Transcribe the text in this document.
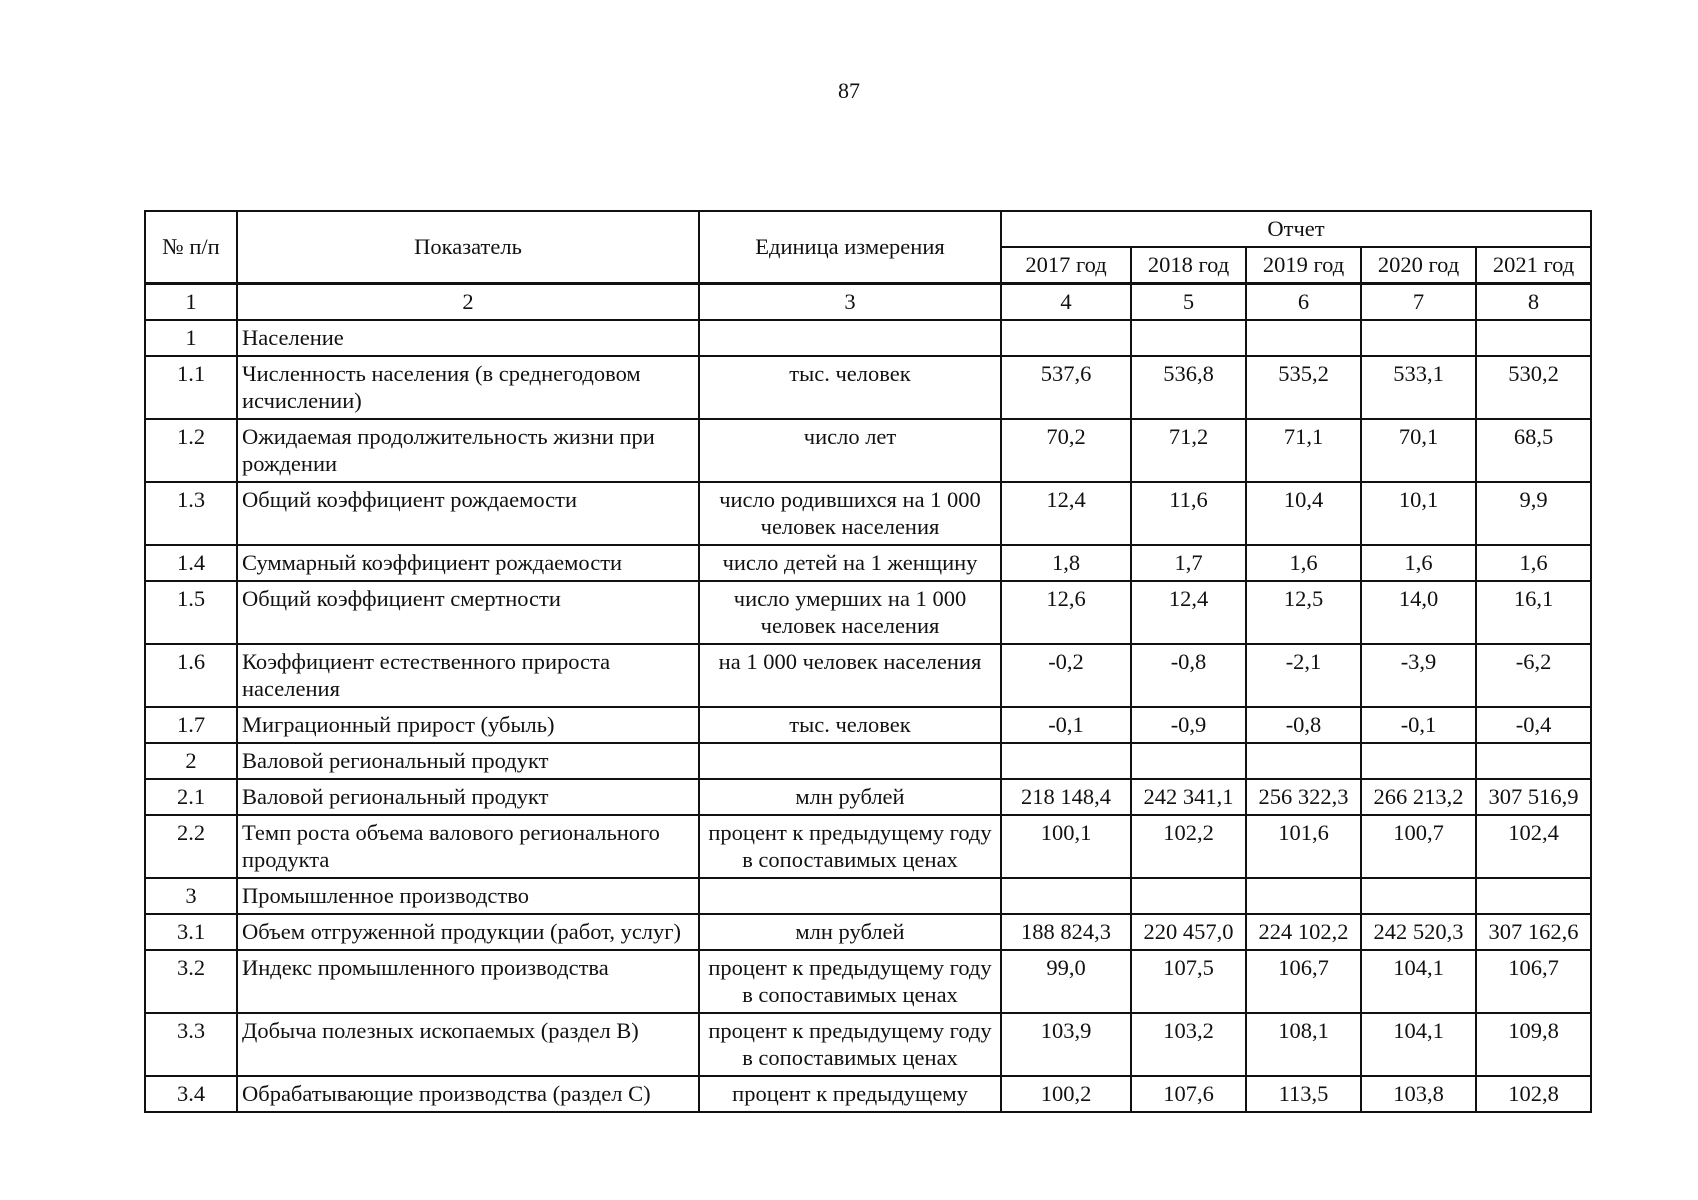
87
№ п/п	Показатель	Единица измерения	Отчет				
			2017 год	2018 год	2019 год	2020 год	2021 год
1	2	3	4	5	6	7	8
1	Население						
1.1	Численность населения (в среднегодовом исчислении)	тыс. человек	537,6	536,8	535,2	533,1	530,2
1.2	Ожидаемая продолжительность жизни при рождении	число лет	70,2	71,2	71,1	70,1	68,5
1.3	Общий коэффициент рождаемости	число родившихся на 1 000 человек населения	12,4	11,6	10,4	10,1	9,9
1.4	Суммарный коэффициент рождаемости	число детей на 1 женщину	1,8	1,7	1,6	1,6	1,6
1.5	Общий коэффициент смертности	число умерших на 1 000 человек населения	12,6	12,4	12,5	14,0	16,1
1.6	Коэффициент естественного прироста населения	на 1 000 человек населения	-0,2	-0,8	-2,1	-3,9	-6,2
1.7	Миграционный прирост (убыль)	тыс. человек	-0,1	-0,9	-0,8	-0,1	-0,4
2	Валовой региональный продукт						
2.1	Валовой региональный продукт	млн рублей	218 148,4	242 341,1	256 322,3	266 213,2	307 516,9
2.2	Темп роста объема валового регионального продукта	процент к предыдущему году в сопоставимых ценах	100,1	102,2	101,6	100,7	102,4
3	Промышленное производство						
3.1	Объем отгруженной продукции (работ, услуг)	млн рублей	188 824,3	220 457,0	224 102,2	242 520,3	307 162,6
3.2	Индекс промышленного производства	процент к предыдущему году в сопоставимых ценах	99,0	107,5	106,7	104,1	106,7
3.3	Добыча полезных ископаемых (раздел B)	процент к предыдущему году в сопоставимых ценах	103,9	103,2	108,1	104,1	109,8
3.4	Обрабатывающие производства (раздел C)	процент к предыдущему	100,2	107,6	113,5	103,8	102,8
